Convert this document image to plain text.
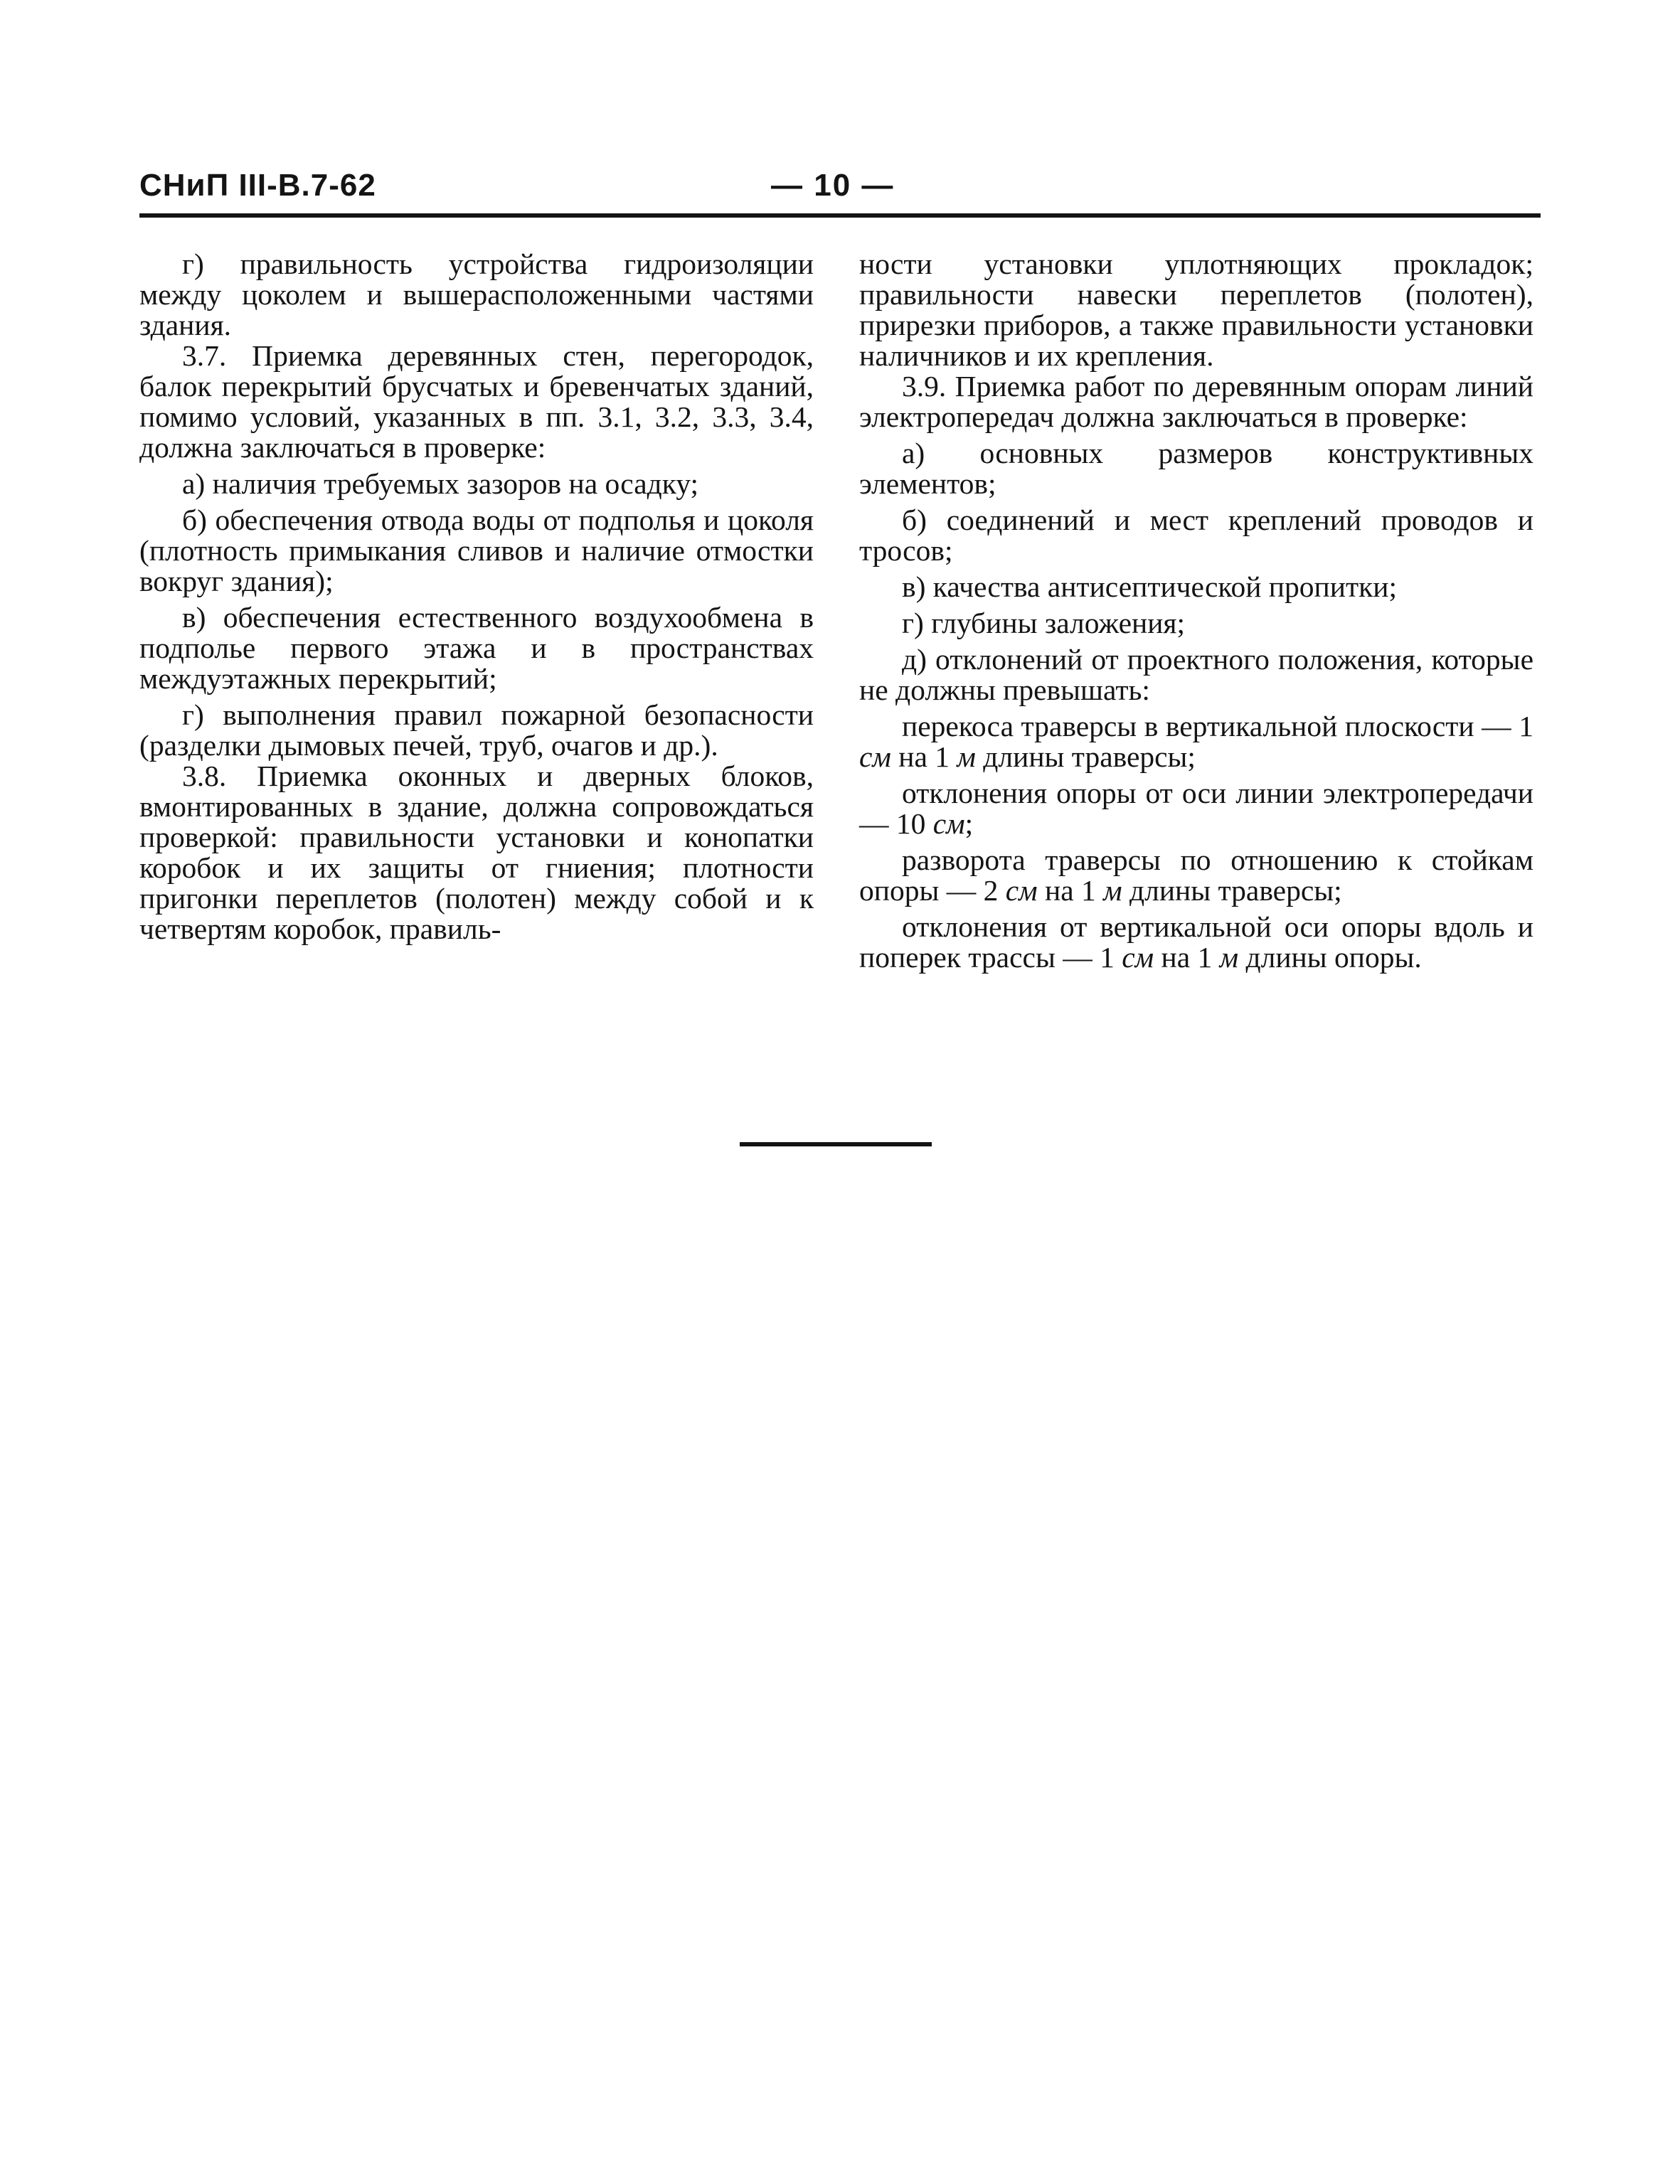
СНиП III-В.7-62	— 10 —

г) правильность устройства гидроизоляции между цоколем и вышерасположенными частями здания.

3.7. Приемка деревянных стен, перегородок, балок перекрытий брусчатых и бревенчатых зданий, помимо условий, указанных в пп. 3.1, 3.2, 3.3, 3.4, должна заключаться в проверке:

а) наличия требуемых зазоров на осадку;

б) обеспечения отвода воды от подполья и цоколя (плотность примыкания сливов и наличие отмостки вокруг здания);

в) обеспечения естественного воздухообмена в подполье первого этажа и в пространствах междуэтажных перекрытий;

г) выполнения правил пожарной безопасности (разделки дымовых печей, труб, очагов и др.).

3.8. Приемка оконных и дверных блоков, вмонтированных в здание, должна сопровождаться проверкой: правильности установки и конопатки коробок и их защиты от гниения; плотности пригонки переплетов (полотен) между собой и к четвертям коробок, правиль-

ности установки уплотняющих прокладок; правильности навески переплетов (полотен), прирезки приборов, а также правильности установки наличников и их крепления.

3.9. Приемка работ по деревянным опорам линий электропередач должна заключаться в проверке:

а) основных размеров конструктивных элементов;

б) соединений и мест креплений проводов и тросов;

в) качества антисептической пропитки;

г) глубины заложения;

д) отклонений от проектного положения, которые не должны превышать:

перекоса траверсы в вертикальной плоскости — 1 см на 1 м длины траверсы;

отклонения опоры от оси линии электропередачи — 10 см;

разворота траверсы по отношению к стойкам опоры — 2 см на 1 м длины траверсы;

отклонения от вертикальной оси опоры вдоль и поперек трассы — 1 см на 1 м длины опоры.
